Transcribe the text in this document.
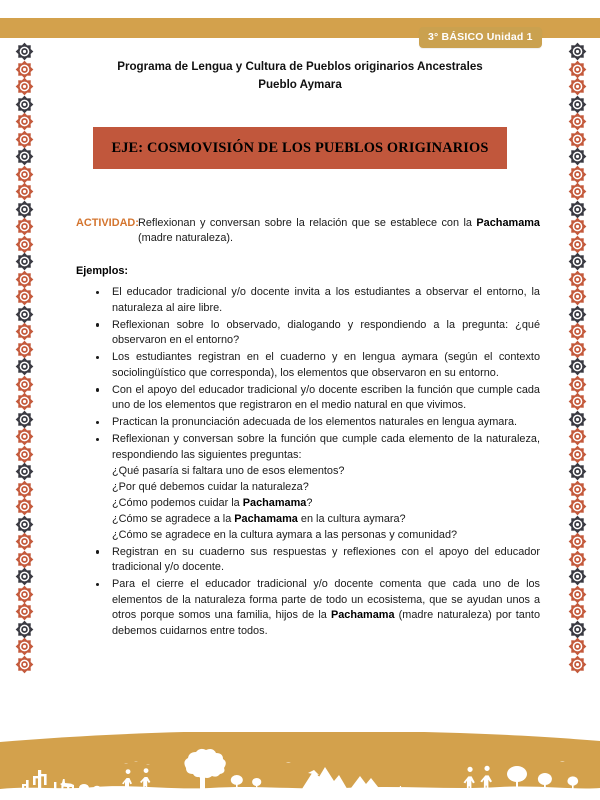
3° BÁSICO Unidad 1
Programa de Lengua y Cultura de Pueblos originarios Ancestrales
Pueblo Aymara
EJE: COSMOVISIÓN DE LOS PUEBLOS ORIGINARIOS
ACTIVIDAD: Reflexionan y conversan sobre la relación que se establece con la Pachamama (madre naturaleza).
Ejemplos:
El educador tradicional y/o docente invita a los estudiantes a observar el entorno, la naturaleza al aire libre.
Reflexionan sobre lo observado, dialogando y respondiendo a la pregunta: ¿qué observaron en el entorno?
Los estudiantes registran en el cuaderno y en lengua aymara (según el contexto sociolingüístico que corresponda), los elementos que observaron en su entorno.
Con el apoyo del educador tradicional y/o docente escriben la función que cumple cada uno de los elementos que registraron en el medio natural en que vivimos.
Practican la pronunciación adecuada de los elementos naturales en lengua aymara.
Reflexionan y conversan sobre la función que cumple cada elemento de la naturaleza, respondiendo las siguientes preguntas:
¿Qué pasaría si faltara uno de esos elementos?
¿Por qué debemos cuidar la naturaleza?
¿Cómo podemos cuidar la Pachamama?
¿Cómo se agradece a la Pachamama en la cultura aymara?
¿Cómo se agradece en la cultura aymara a las personas y comunidad?
Registran en su cuaderno sus respuestas y reflexiones con el apoyo del educador tradicional y/o docente.
Para el cierre el educador tradicional y/o docente comenta que cada uno de los elementos de la naturaleza forma parte de todo un ecosistema, que se ayudan unos a otros porque somos una familia, hijos de la Pachamama (madre naturaleza) por tanto debemos cuidarnos entre todos.
